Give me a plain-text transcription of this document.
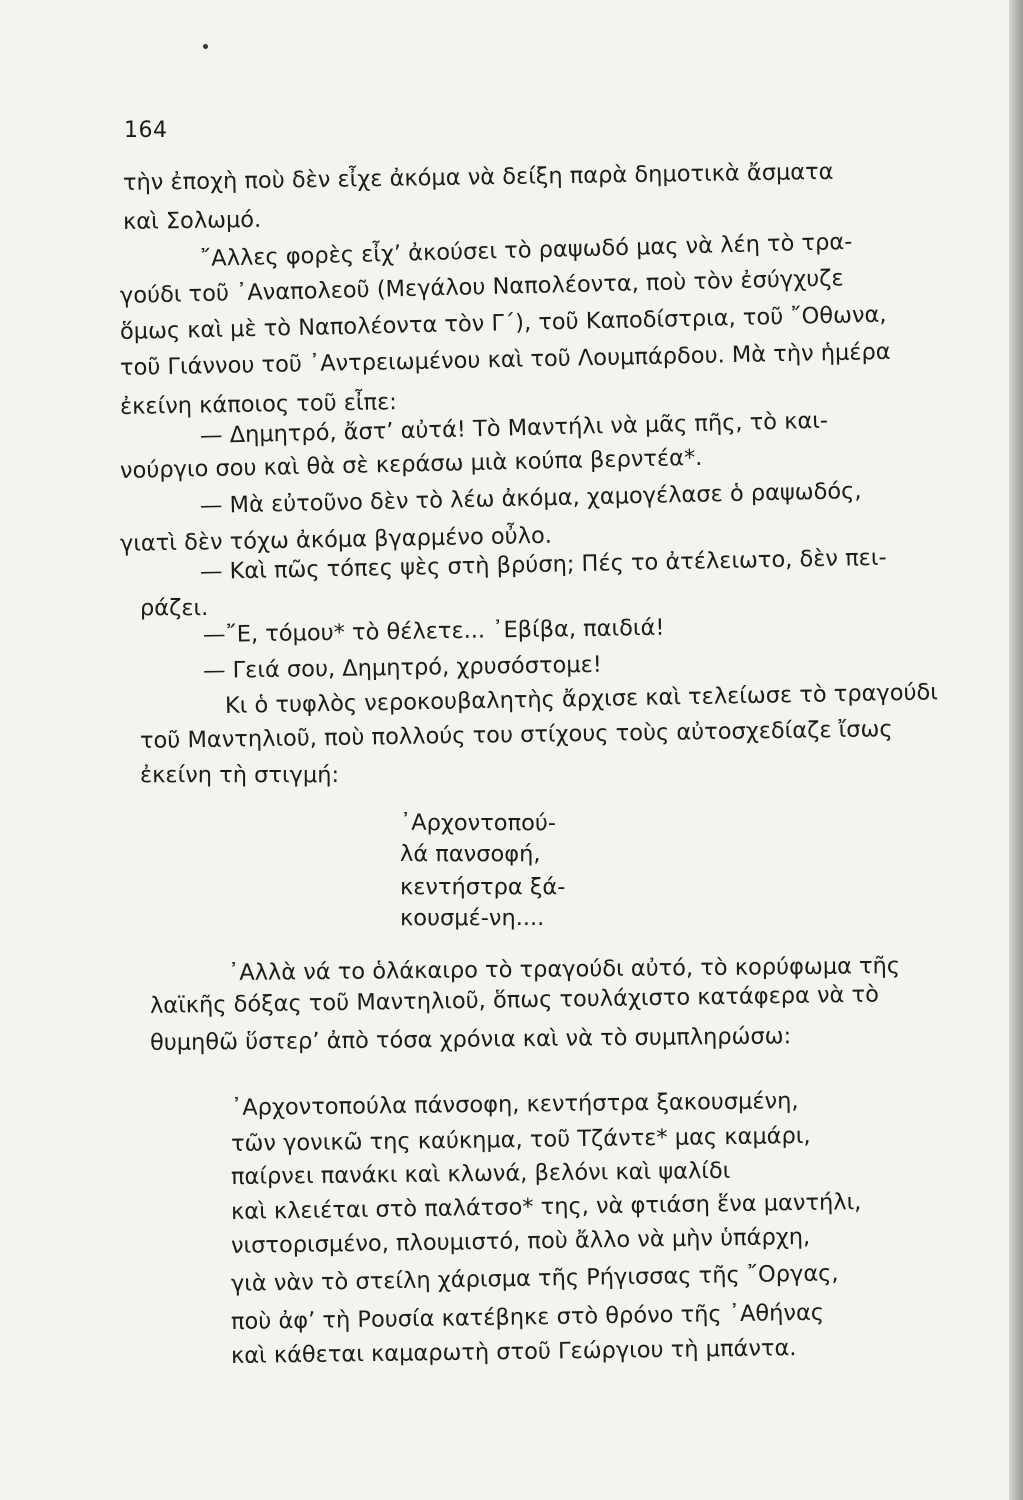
164
τὴν ἐποχὴ ποὺ δὲν εἶχε ἀκόμα νὰ δείξη παρὰ δημοτικὰ ἄσματα
καὶ Σολωμό.
῎Αλλες φορὲς εἶχ’ ἀκούσει τὸ ραψωδό μας νὰ λέη τὸ τρα-
γούδι τοῦ ᾿Αναπολεοῦ (Μεγάλου Ναπολέοντα, ποὺ τὸν ἐσύγχυζε
ὅμως καὶ μὲ τὸ Ναπολέοντα τὸν Γ΄), τοῦ Καποδίστρια, τοῦ ῎Οθωνα,
τοῦ Γιάννου τοῦ ᾿Αντρειωμένου καὶ τοῦ Λουμπάρδου. Μὰ τὴν ἡμέρα
ἐκείνη κάποιος τοῦ εἶπε:
— Δημητρό, ἄστ’ αὐτά! Τὸ Μαντήλι νὰ μᾶς πῆς, τὸ και-
νούργιο σου καὶ θὰ σὲ κεράσω μιὰ κούπα βερντέα*.
— Μὰ εὐτοῦνο δὲν τὸ λέω ἀκόμα, χαμογέλασε ὁ ραψωδός,
γιατὶ δὲν τόχω ἀκόμα βγαρμένο οὖλο.
— Καὶ πῶς τόπες ψὲς στὴ βρύση; Πές το ἀτέλειωτο, δὲν πει-
ράζει.
—῎Ε, τόμου* τὸ θέλετε... ᾿Εβίβα, παιδιά!
— Γειά σου, Δημητρό, χρυσόστομε!
Κι ὁ τυφλὸς νεροκουβαλητὴς ἄρχισε καὶ τελείωσε τὸ τραγούδι
τοῦ Μαντηλιοῦ, ποὺ πολλούς του στίχους τοὺς αὐτοσχεδίαζε ἴσως
ἐκείνη τὴ στιγμή:
᾿Αρχοντοπού-
λά πανσοφή,
κεντήστρα ξά-
κουσμέ-νη....
᾿Αλλὰ νά το ὁλάκαιρο τὸ τραγούδι αὐτό, τὸ κορύφωμα τῆς
λαϊκῆς δόξας τοῦ Μαντηλιοῦ, ὅπως τουλάχιστο κατάφερα νὰ τὸ
θυμηθῶ ὕστερ’ ἀπὸ τόσα χρόνια καὶ νὰ τὸ συμπληρώσω:
᾿Αρχοντοπούλα πάνσοφη, κεντήστρα ξακουσμένη,
τῶν γονικῶ της καύκημα, τοῦ Τζάντε* μας καμάρι,
παίρνει πανάκι καὶ κλωνά, βελόνι καὶ ψαλίδι
καὶ κλειέται στὸ παλάτσο* της, νὰ φτιάση ἕνα μαντήλι,
νιστορισμένο, πλουμιστό, ποὺ ἄλλο νὰ μὴν ὑπάρχη,
γιὰ νὰν τὸ στείλη χάρισμα τῆς Ρήγισσας τῆς ῎Οργας,
ποὺ ἀφ’ τὴ Ρουσία κατέβηκε στὸ θρόνο τῆς ᾿Αθήνας
καὶ κάθεται καμαρωτὴ στοῦ Γεώργιου τὴ μπάντα.
